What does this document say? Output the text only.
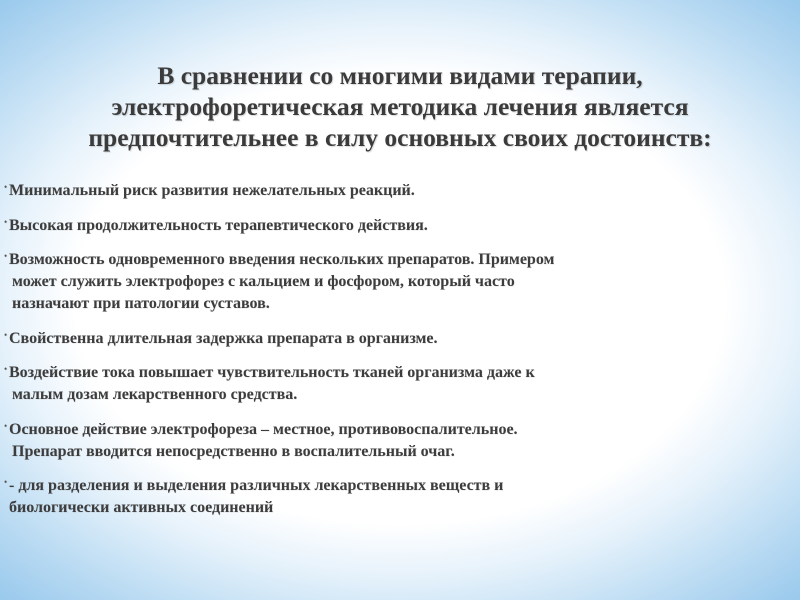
В сравнении со многими видами терапии,
электрофоретическая методика лечения является
предпочтительнее в силу основных своих достоинств:
• Минимальный риск развития нежелательных реакций.
• Высокая продолжительность терапевтического действия.
• Возможность одновременного введения нескольких препаратов. Примером
может служить электрофорез с кальцием и фосфором, который часто
назначают при патологии суставов.
• Свойственна длительная задержка препарата в организме.
• Воздействие тока повышает чувствительность тканей организма даже к
малым дозам лекарственного средства.
• Основное действие электрофореза – местное, противовоспалительное.
Препарат вводится непосредственно в воспалительный очаг.
• - для разделения и выделения различных лекарственных веществ и
биологически активных соединений
